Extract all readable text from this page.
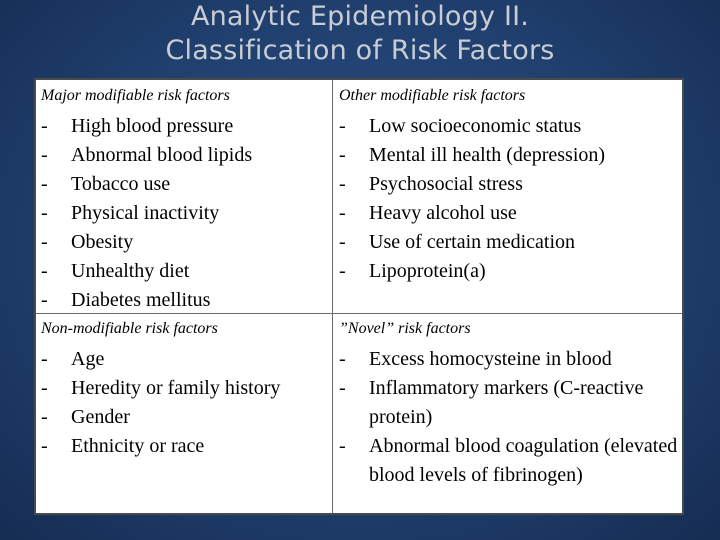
Analytic Epidemiology II.
Classification of Risk Factors
Major modifiable risk factors
- High blood pressure
- Abnormal blood lipids
- Tobacco use
- Physical inactivity
- Obesity
- Unhealthy diet
- Diabetes mellitus
Other modifiable risk factors
- Low socioeconomic status
- Mental ill health (depression)
- Psychosocial stress
- Heavy alcohol use
- Use of certain medication
- Lipoprotein(a)
Non-modifiable risk factors
- Age
- Heredity or family history
- Gender
- Ethnicity or race
”Novel” risk factors
- Excess homocysteine in blood
- Inflammatory markers (C-reactive protein)
- Abnormal blood coagulation (elevated blood levels of fibrinogen)
